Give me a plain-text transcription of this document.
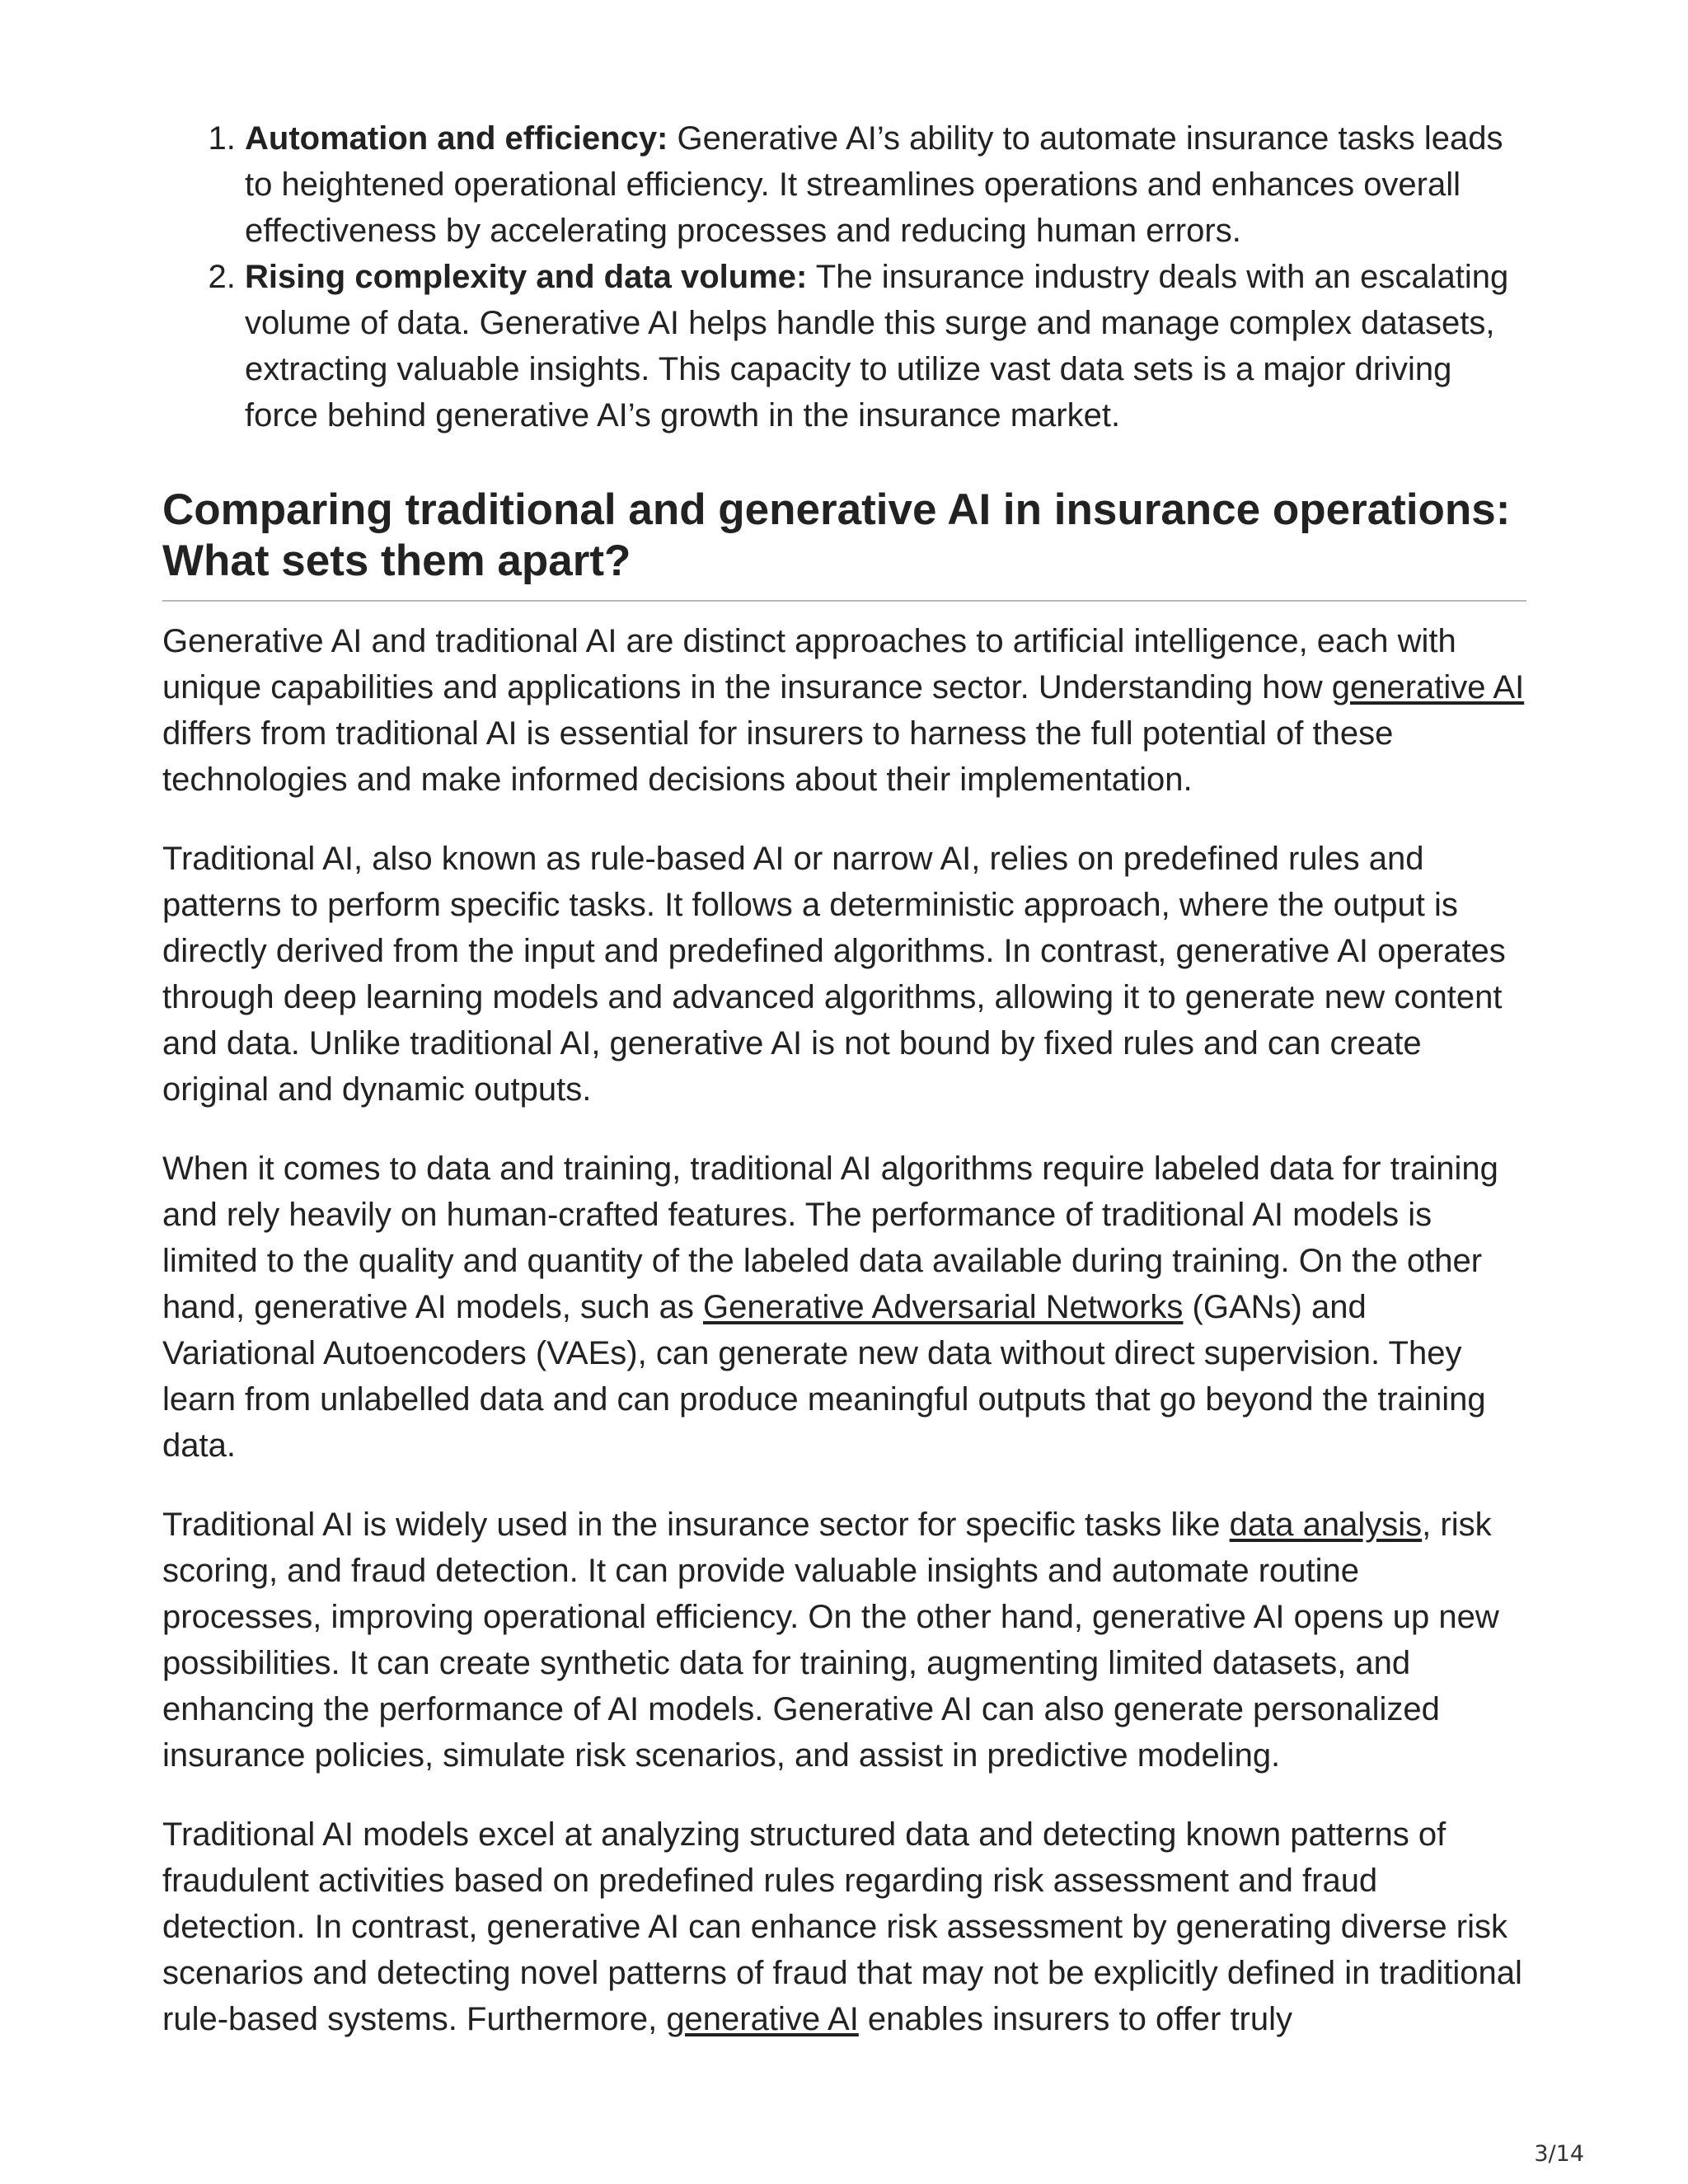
1. Automation and efficiency: Generative AI’s ability to automate insurance tasks leads to heightened operational efficiency. It streamlines operations and enhances overall effectiveness by accelerating processes and reducing human errors.
2. Rising complexity and data volume: The insurance industry deals with an escalating volume of data. Generative AI helps handle this surge and manage complex datasets, extracting valuable insights. This capacity to utilize vast data sets is a major driving force behind generative AI’s growth in the insurance market.
Comparing traditional and generative AI in insurance operations: What sets them apart?

Generative AI and traditional AI are distinct approaches to artificial intelligence, each with unique capabilities and applications in the insurance sector. Understanding how generative AI differs from traditional AI is essential for insurers to harness the full potential of these technologies and make informed decisions about their implementation.

Traditional AI, also known as rule-based AI or narrow AI, relies on predefined rules and patterns to perform specific tasks. It follows a deterministic approach, where the output is directly derived from the input and predefined algorithms. In contrast, generative AI operates through deep learning models and advanced algorithms, allowing it to generate new content and data. Unlike traditional AI, generative AI is not bound by fixed rules and can create original and dynamic outputs.

When it comes to data and training, traditional AI algorithms require labeled data for training and rely heavily on human-crafted features. The performance of traditional AI models is limited to the quality and quantity of the labeled data available during training. On the other hand, generative AI models, such as Generative Adversarial Networks (GANs) and Variational Autoencoders (VAEs), can generate new data without direct supervision. They learn from unlabelled data and can produce meaningful outputs that go beyond the training data.

Traditional AI is widely used in the insurance sector for specific tasks like data analysis, risk scoring, and fraud detection. It can provide valuable insights and automate routine processes, improving operational efficiency. On the other hand, generative AI opens up new possibilities. It can create synthetic data for training, augmenting limited datasets, and enhancing the performance of AI models. Generative AI can also generate personalized insurance policies, simulate risk scenarios, and assist in predictive modeling.

Traditional AI models excel at analyzing structured data and detecting known patterns of fraudulent activities based on predefined rules regarding risk assessment and fraud detection. In contrast, generative AI can enhance risk assessment by generating diverse risk scenarios and detecting novel patterns of fraud that may not be explicitly defined in traditional rule-based systems. Furthermore, generative AI enables insurers to offer truly

3/14
